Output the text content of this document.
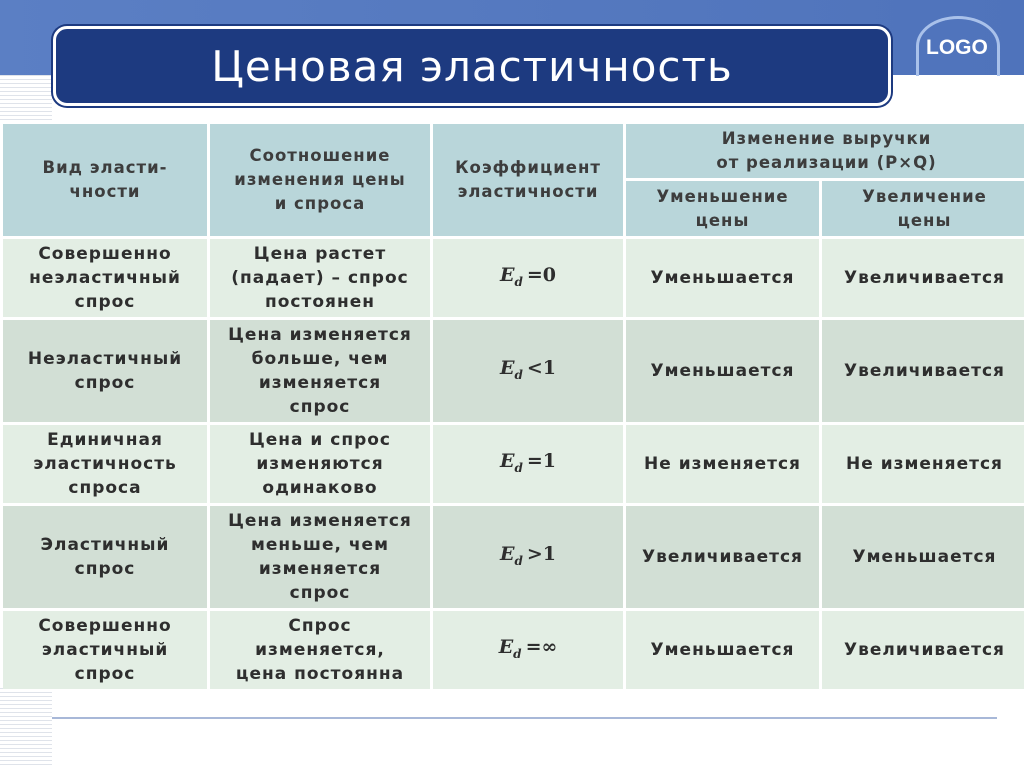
Ценовая эластичность	LOGO
Вид эласти-
чности	Соотношение
изменения цены
и спроса	Коэффициент
эластичности	Изменение выручки
от реализации (P×Q)	
			Уменьшение
цены	Увеличение
цены
Совершенно
неэластичный
спрос	Цена растет
(падает) – спрос
постоянен	$E_d =0$	Уменьшается	Увеличивается
Неэластичный
спрос	Цена изменяется
больше, чем
изменяется
спрос	$E_d <1$	Уменьшается	Увеличивается
Единичная
эластичность
спроса	Цена и спрос
изменяются
одинаково	$E_d =1$	Не изменяется	Не изменяется
Эластичный
спрос	Цена изменяется
меньше, чем
изменяется
спрос	$E_d >1$	Увеличивается	Уменьшается
Совершенно
эластичный
спрос	Спрос
изменяется,
цена постоянна	$E_d$ =∞	Уменьшается	Увеличивается
